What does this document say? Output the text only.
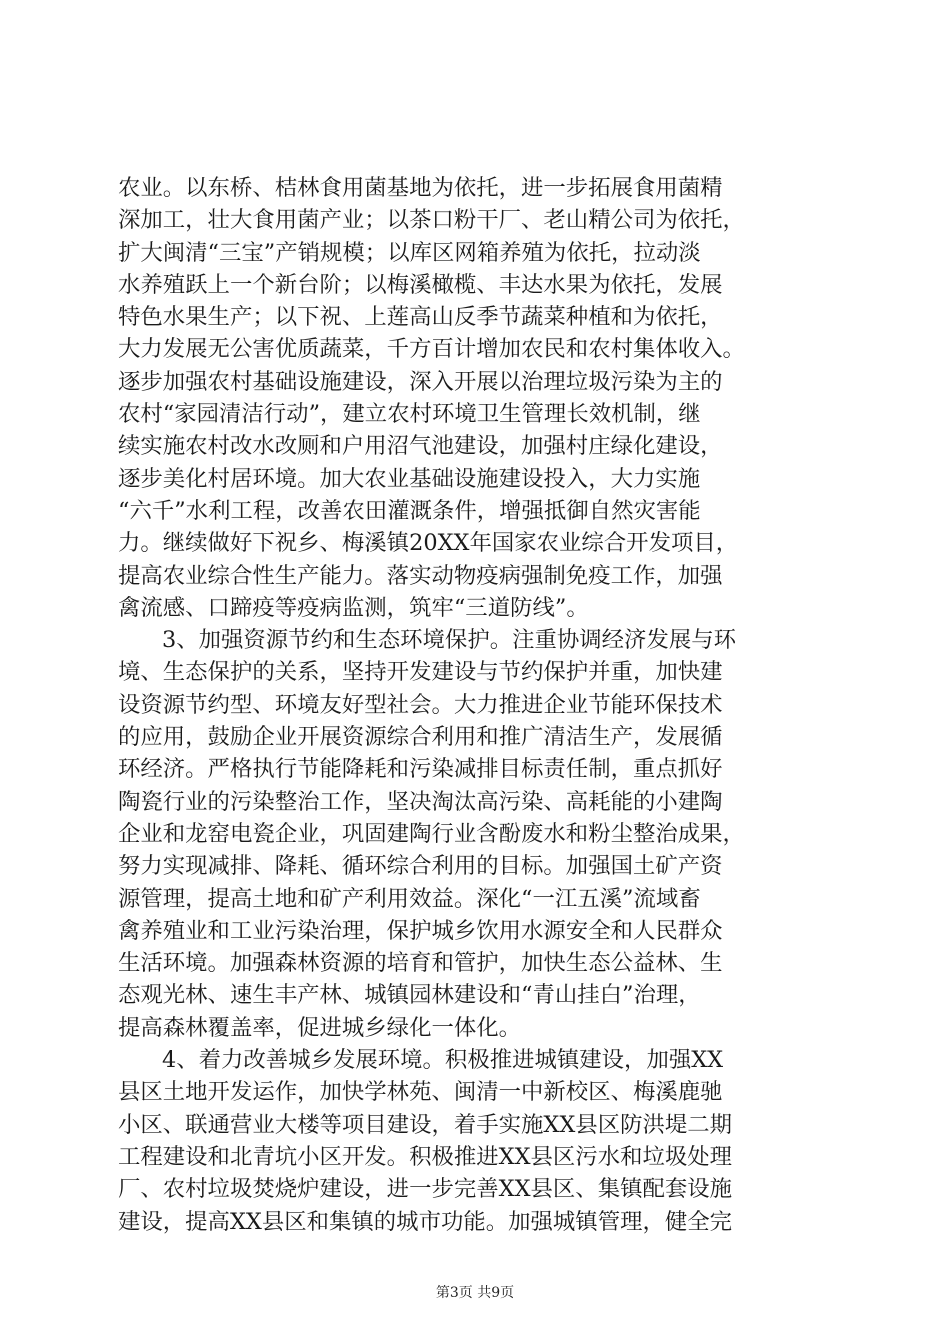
农业。以东桥、桔林食用菌基地为依托，进一步拓展食用菌精
深加工，壮大食用菌产业；以茶口粉干厂、老山精公司为依托，
扩大闽清“三宝”产销规模；以库区网箱养殖为依托，拉动淡
水养殖跃上一个新台阶；以梅溪橄榄、丰达水果为依托，发展
特色水果生产；以下祝、上莲高山反季节蔬菜种植和为依托，
大力发展无公害优质蔬菜，千方百计增加农民和农村集体收入。
逐步加强农村基础设施建设，深入开展以治理垃圾污染为主的
农村“家园清洁行动”，建立农村环境卫生管理长效机制，继
续实施农村改水改厕和户用沼气池建设，加强村庄绿化建设，
逐步美化村居环境。加大农业基础设施建设投入，大力实施
“六千”水利工程，改善农田灌溉条件，增强抵御自然灾害能
力。继续做好下祝乡、梅溪镇20XX年国家农业综合开发项目，
提高农业综合性生产能力。落实动物疫病强制免疫工作，加强
禽流感、口蹄疫等疫病监测，筑牢“三道防线”。
3、加强资源节约和生态环境保护。注重协调经济发展与环
境、生态保护的关系，坚持开发建设与节约保护并重，加快建
设资源节约型、环境友好型社会。大力推进企业节能环保技术
的应用，鼓励企业开展资源综合利用和推广清洁生产，发展循
环经济。严格执行节能降耗和污染减排目标责任制，重点抓好
陶瓷行业的污染整治工作，坚决淘汰高污染、高耗能的小建陶
企业和龙窑电瓷企业，巩固建陶行业含酚废水和粉尘整治成果，
努力实现减排、降耗、循环综合利用的目标。加强国土矿产资
源管理，提高土地和矿产利用效益。深化“一江五溪”流域畜
禽养殖业和工业污染治理，保护城乡饮用水源安全和人民群众
生活环境。加强森林资源的培育和管护，加快生态公益林、生
态观光林、速生丰产林、城镇园林建设和“青山挂白”治理，
提高森林覆盖率，促进城乡绿化一体化。
4、着力改善城乡发展环境。积极推进城镇建设，加强XX
县区土地开发运作，加快学林苑、闽清一中新校区、梅溪鹿驰
小区、联通营业大楼等项目建设，着手实施XX县区防洪堤二期
工程建设和北青坑小区开发。积极推进XX县区污水和垃圾处理
厂、农村垃圾焚烧炉建设，进一步完善XX县区、集镇配套设施
建设，提高XX县区和集镇的城市功能。加强城镇管理，健全完
第3页 共9页
